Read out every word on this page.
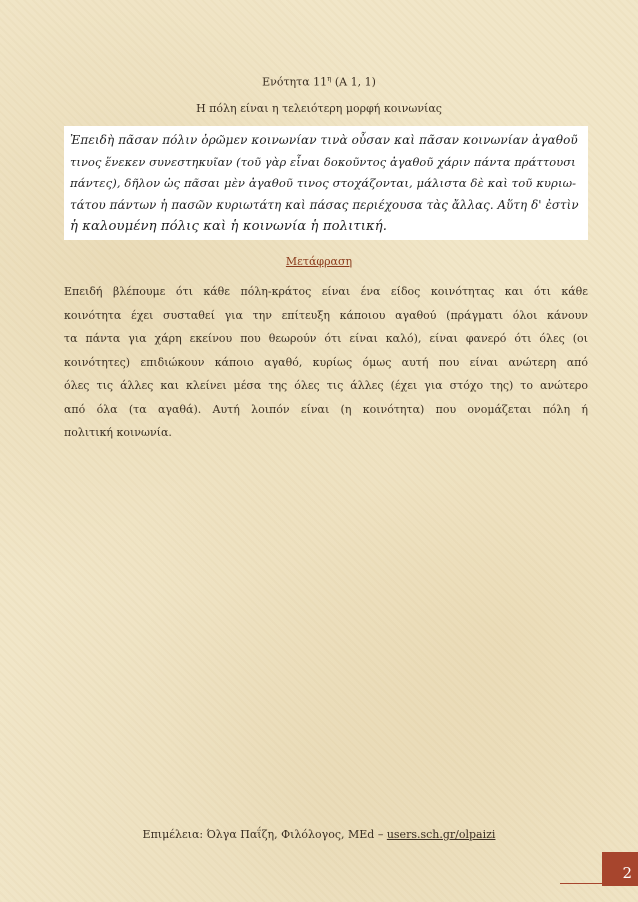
Ενότητα $11^\eta$ (Α 1, 1)
Η πόλη είναι η τελειότερη μορφή κοινωνίας
Ἐπειδὴ πᾶσαν πόλιν ὁρῶμεν κοινωνίαν τινὰ οὖσαν καὶ πᾶσαν κοινωνίαν ἀγαθοῦ
τινος ἕνεκεν συνεστηκυῖαν (τοῦ γὰρ εἶναι δοκοῦντος ἀγαθοῦ χάριν πάντα πράττουσι
πάντες), δῆλον ὡς πᾶσαι μὲν ἀγαθοῦ τινος στοχάζονται, μάλιστα δὲ καὶ τοῦ κυριω-
τάτου πάντων ἡ πασῶν κυριωτάτη καὶ πάσας περιέχουσα τὰς ἄλλας. Αὕτη δ' ἐστὶν
ἡ καλουμένη πόλις καὶ ἡ κοινωνία ἡ πολιτική.
Μετάφραση
Επειδή βλέπουμε ότι κάθε πόλη-κράτος είναι ένα είδος κοινότητας και ότι κάθε
κοινότητα έχει συσταθεί για την επίτευξη κάποιου αγαθού (πράγματι όλοι κάνουν
τα πάντα για χάρη εκείνου που θεωρούν ότι είναι καλό), είναι φανερό ότι όλες (οι
κοινότητες) επιδιώκουν κάποιο αγαθό, κυρίως όμως αυτή που είναι ανώτερη από
όλες τις άλλες και κλείνει μέσα της όλες τις άλλες (έχει για στόχο της) το ανώτερο
από όλα (τα αγαθά). Αυτή λοιπόν είναι (η κοινότητα) που ονομάζεται πόλη ή
πολιτική κοινωνία.
Επιμέλεια: Όλγα Παΐζη, Φιλόλογος, MEd – users.sch.gr/olpaizi
2
